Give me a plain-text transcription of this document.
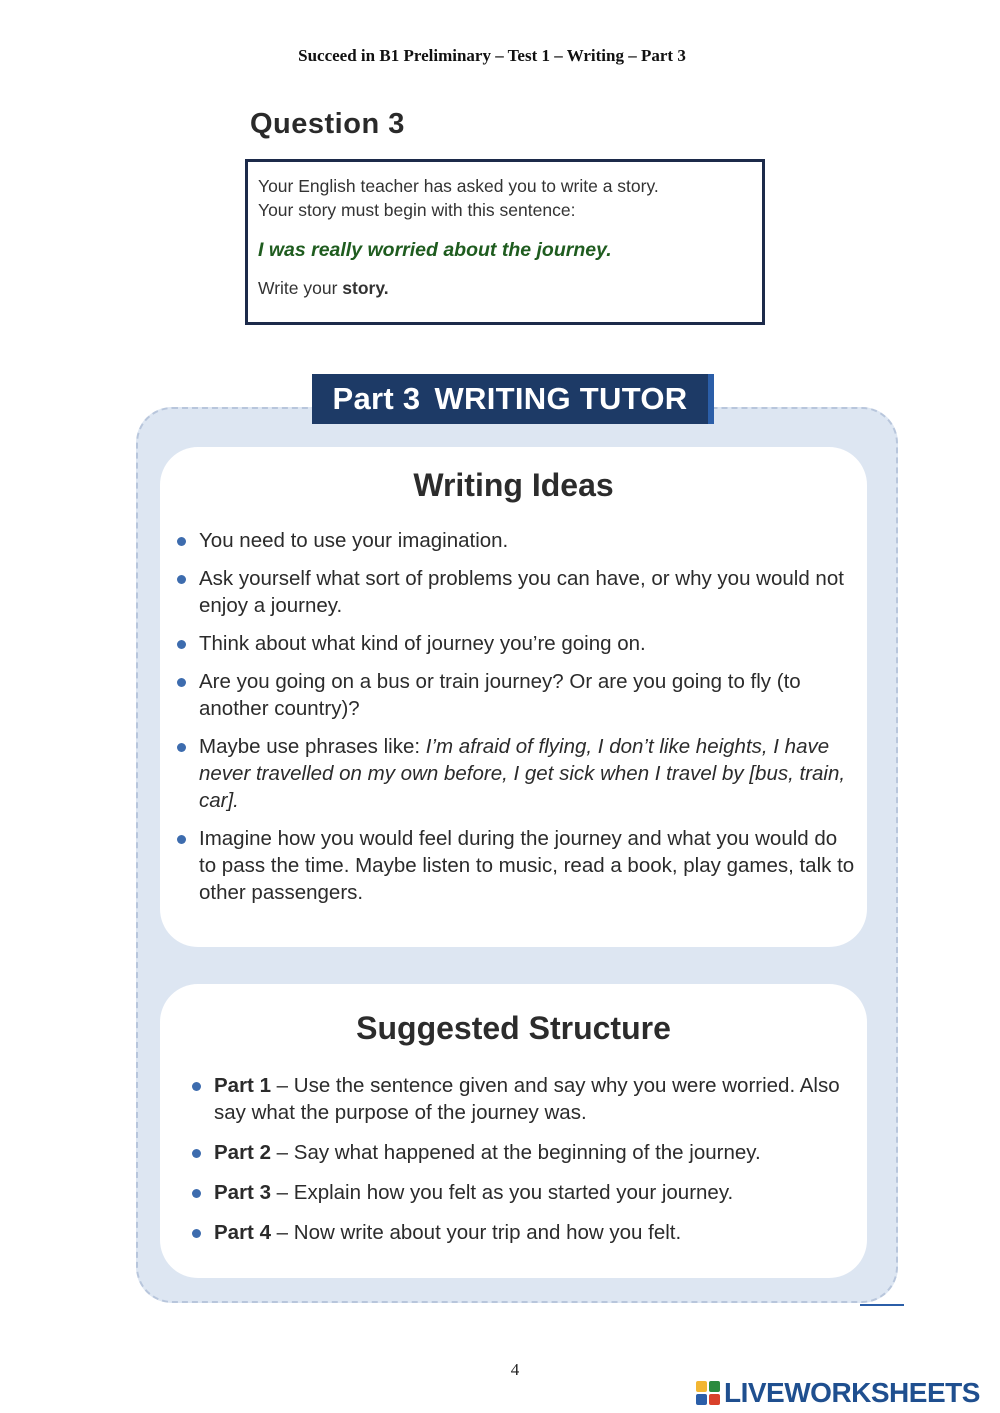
Succeed in B1 Preliminary – Test 1 – Writing – Part 3
Question 3

Your English teacher has asked you to write a story.

Your story must begin with this sentence:

I was really worried about the journey.

Write your story.

Part 3 WRITING TUTOR
Writing Ideas
You need to use your imagination.
Ask yourself what sort of problems you can have, or why you would not enjoy a journey.
Think about what kind of journey you’re going on.
Are you going on a bus or train journey? Or are you going to fly (to another country)?
Maybe use phrases like: I’m afraid of flying, I don’t like heights, I have never travelled on my own before, I get sick when I travel by [bus, train, car].
Imagine how you would feel during the journey and what you would do to pass the time. Maybe listen to music, read a book, play games, talk to other passengers.
Suggested Structure
Part 1 – Use the sentence given and say why you were worried. Also say what the purpose of the journey was.
Part 2 – Say what happened at the beginning of the journey.
Part 3 – Explain how you felt as you started your journey.
Part 4 – Now write about your trip and how you felt.
4
LIVEWORKSHEETS
